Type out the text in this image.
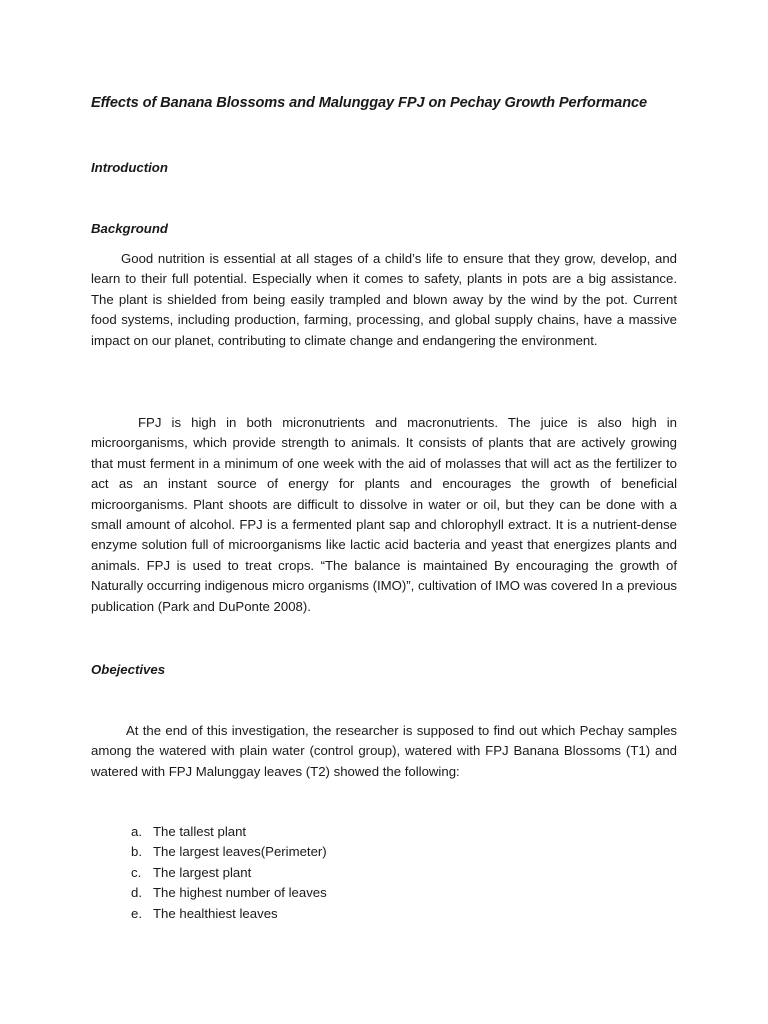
Effects of Banana Blossoms and Malunggay FPJ on Pechay Growth Performance
Introduction
Background

Good nutrition is essential at all stages of a child’s life to ensure that they grow, develop, and learn to their full potential. Especially when it comes to safety, plants in pots are a big assistance. The plant is shielded from being easily trampled and blown away by the wind by the pot. Current food systems, including production, farming, processing, and global supply chains, have a massive impact on our planet, contributing to climate change and endangering the environment.

FPJ is high in both micronutrients and macronutrients. The juice is also high in microorganisms, which provide strength to animals. It consists of plants that are actively growing that must ferment in a minimum of one week with the aid of molasses that will act as the fertilizer to act as an instant source of energy for plants and encourages the growth of beneficial microorganisms. Plant shoots are difficult to dissolve in water or oil, but they can be done with a small amount of alcohol. FPJ is a fermented plant sap and chlorophyll extract. It is a nutrient-dense enzyme solution full of microorganisms like lactic acid bacteria and yeast that energizes plants and animals. FPJ is used to treat crops. “The balance is maintained By encouraging the growth of Naturally occurring indigenous micro organisms (IMO)”, cultivation of IMO was covered In a previous publication (Park and DuPonte 2008).

Obejectives

At the end of this investigation, the researcher is supposed to find out which Pechay samples among the watered with plain water (control group), watered with FPJ Banana Blossoms (T1) and watered with FPJ Malunggay leaves (T2) showed the following:

a. The tallest plant
b. The largest leaves(Perimeter)
c. The largest plant
d. The highest number of leaves
e. The healthiest leaves
